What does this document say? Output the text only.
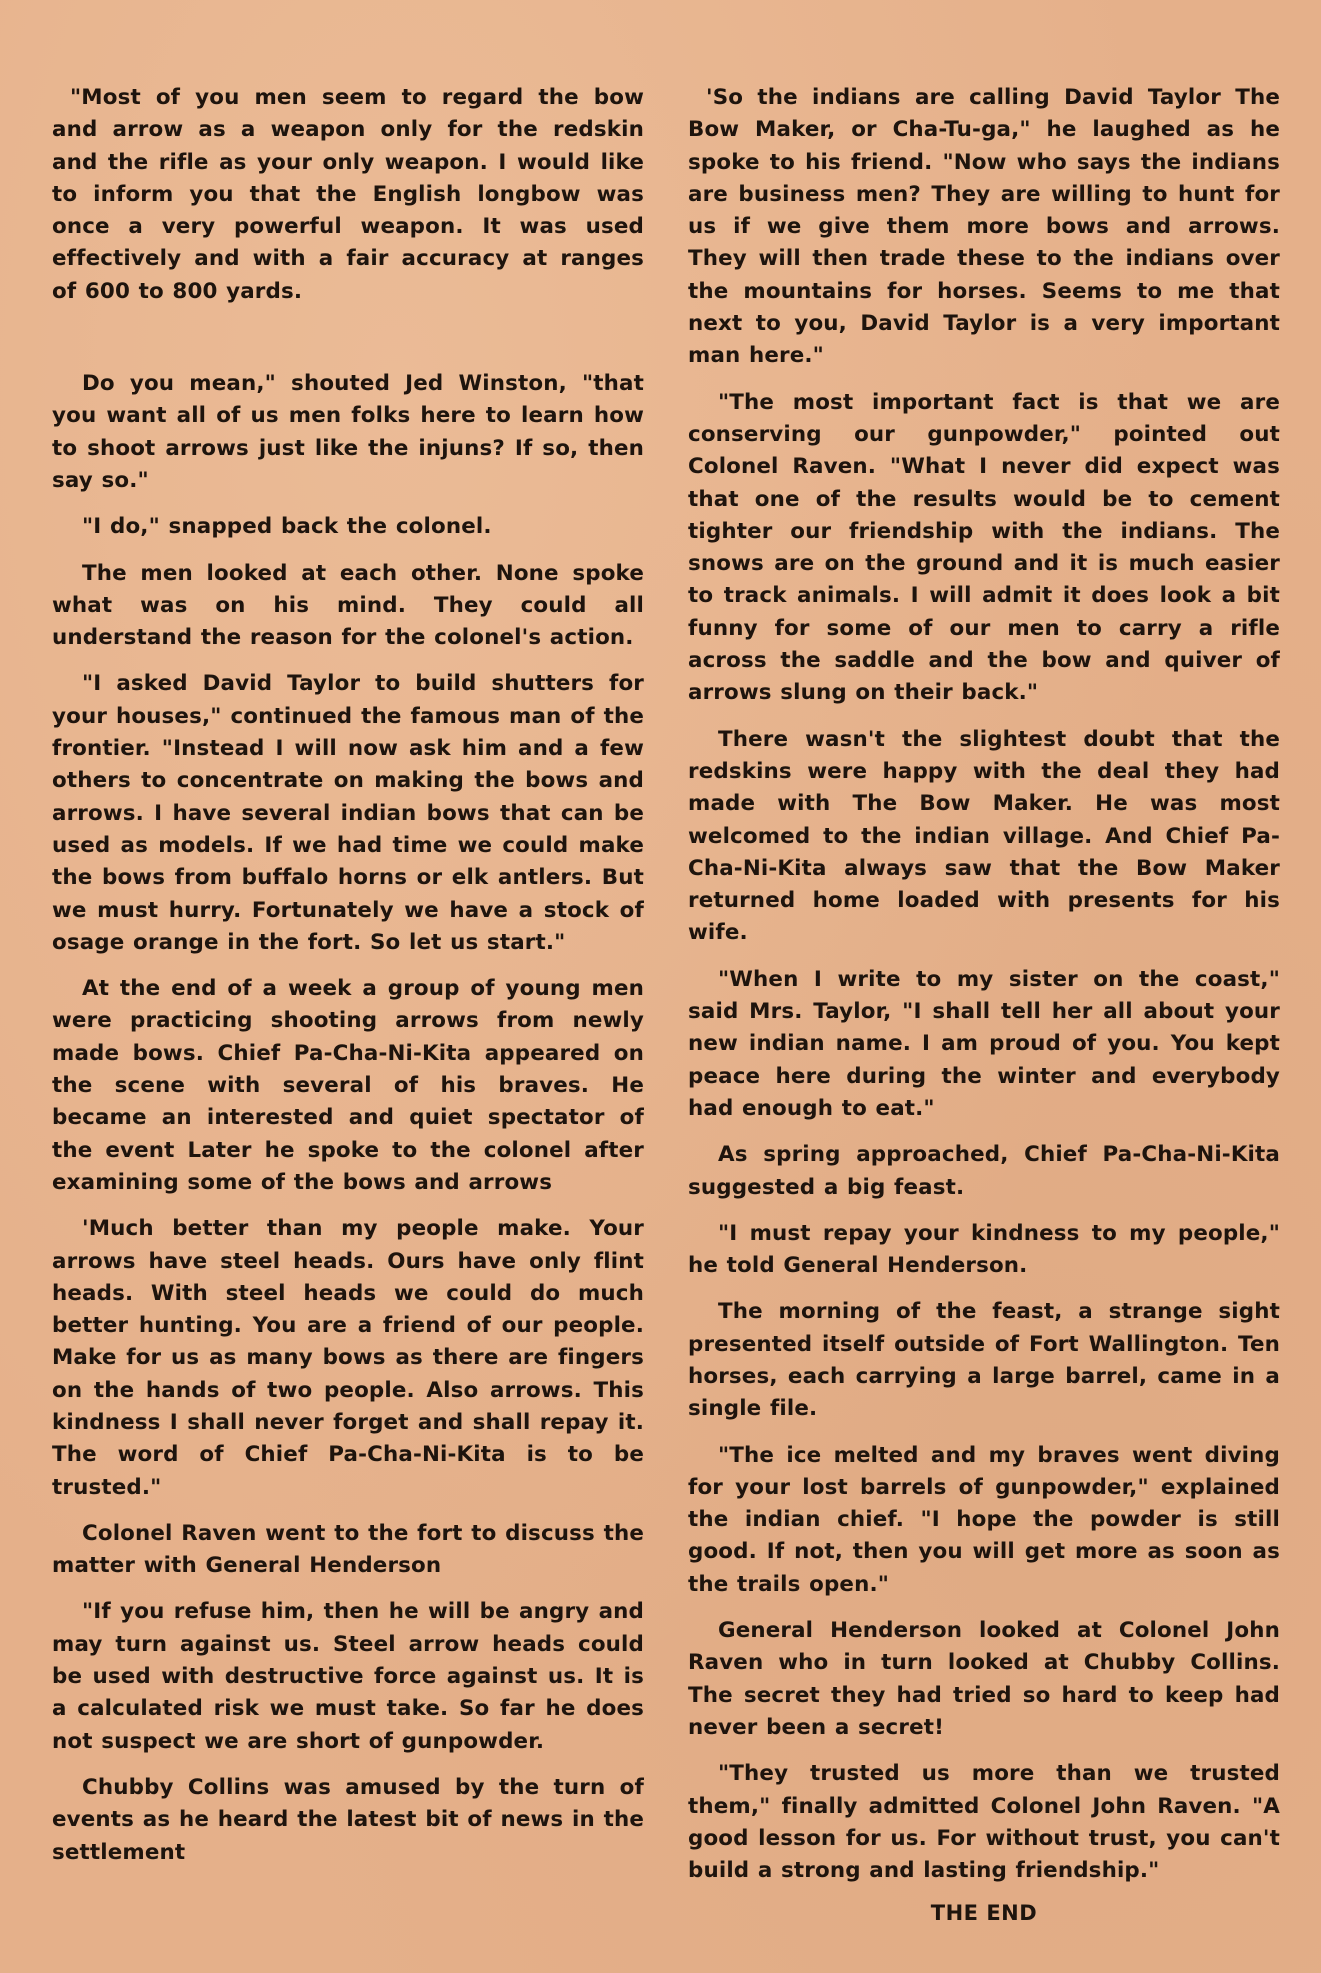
"Most of you men seem to regard the bow and arrow as a weapon only for the redskin and the rifle as your only weapon. I would like to inform you that the English longbow was once a very powerful weapon. It was used effectively and with a fair accuracy at ranges of 600 to 800 yards.

Do you mean," shouted Jed Winston, "that you want all of us men folks here to learn how to shoot arrows just like the injuns? If so, then say so."

"I do," snapped back the colonel.

The men looked at each other. None spoke what was on his mind. They could all understand the reason for the colonel's action.

"I asked David Taylor to build shutters for your houses," continued the famous man of the frontier. "Instead I will now ask him and a few others to concentrate on making the bows and arrows. I have several indian bows that can be used as models. If we had time we could make the bows from buffalo horns or elk antlers. But we must hurry. Fortunately we have a stock of osage orange in the fort. So let us start."

At the end of a week a group of young men were practicing shooting arrows from newly made bows. Chief Pa-Cha-Ni-Kita appeared on the scene with several of his braves. He became an interested and quiet spectator of the event Later he spoke to the colonel after examining some of the bows and arrows

'Much better than my people make. Your arrows have steel heads. Ours have only flint heads. With steel heads we could do much better hunting. You are a friend of our people. Make for us as many bows as there are fingers on the hands of two people. Also arrows. This kindness I shall never forget and shall repay it. The word of Chief Pa-Cha-Ni-Kita is to be trusted."

Colonel Raven went to the fort to discuss the matter with General Henderson

"If you refuse him, then he will be angry and may turn against us. Steel arrow heads could be used with destructive force against us. It is a calculated risk we must take. So far he does not suspect we are short of gunpowder.

Chubby Collins was amused by the turn of events as he heard the latest bit of news in the settlement

'So the indians are calling David Taylor The Bow Maker, or Cha-Tu-ga," he laughed as he spoke to his friend. "Now who says the indians are business men? They are willing to hunt for us if we give them more bows and arrows. They will then trade these to the indians over the mountains for horses. Seems to me that next to you, David Taylor is a very important man here."

"The most important fact is that we are conserving our gunpowder," pointed out Colonel Raven. "What I never did expect was that one of the results would be to cement tighter our friendship with the indians. The snows are on the ground and it is much easier to track animals. I will admit it does look a bit funny for some of our men to carry a rifle across the saddle and the bow and quiver of arrows slung on their back."

There wasn't the slightest doubt that the redskins were happy with the deal they had made with The Bow Maker. He was most welcomed to the indian village. And Chief Pa-Cha-Ni-Kita always saw that the Bow Maker returned home loaded with presents for his wife.

"When I write to my sister on the coast," said Mrs. Taylor, "I shall tell her all about your new indian name. I am proud of you. You kept peace here during the winter and everybody had enough to eat."

As spring approached, Chief Pa-Cha-Ni-Kita suggested a big feast.

"I must repay your kindness to my people," he told General Henderson.

The morning of the feast, a strange sight presented itself outside of Fort Wallington. Ten horses, each carrying a large barrel, came in a single file.

"The ice melted and my braves went diving for your lost barrels of gunpowder," explained the indian chief. "I hope the powder is still good. If not, then you will get more as soon as the trails open."

General Henderson looked at Colonel John Raven who in turn looked at Chubby Collins. The secret they had tried so hard to keep had never been a secret!

"They trusted us more than we trusted them," finally admitted Colonel John Raven. "A good lesson for us. For without trust, you can't build a strong and lasting friendship."

THE END
